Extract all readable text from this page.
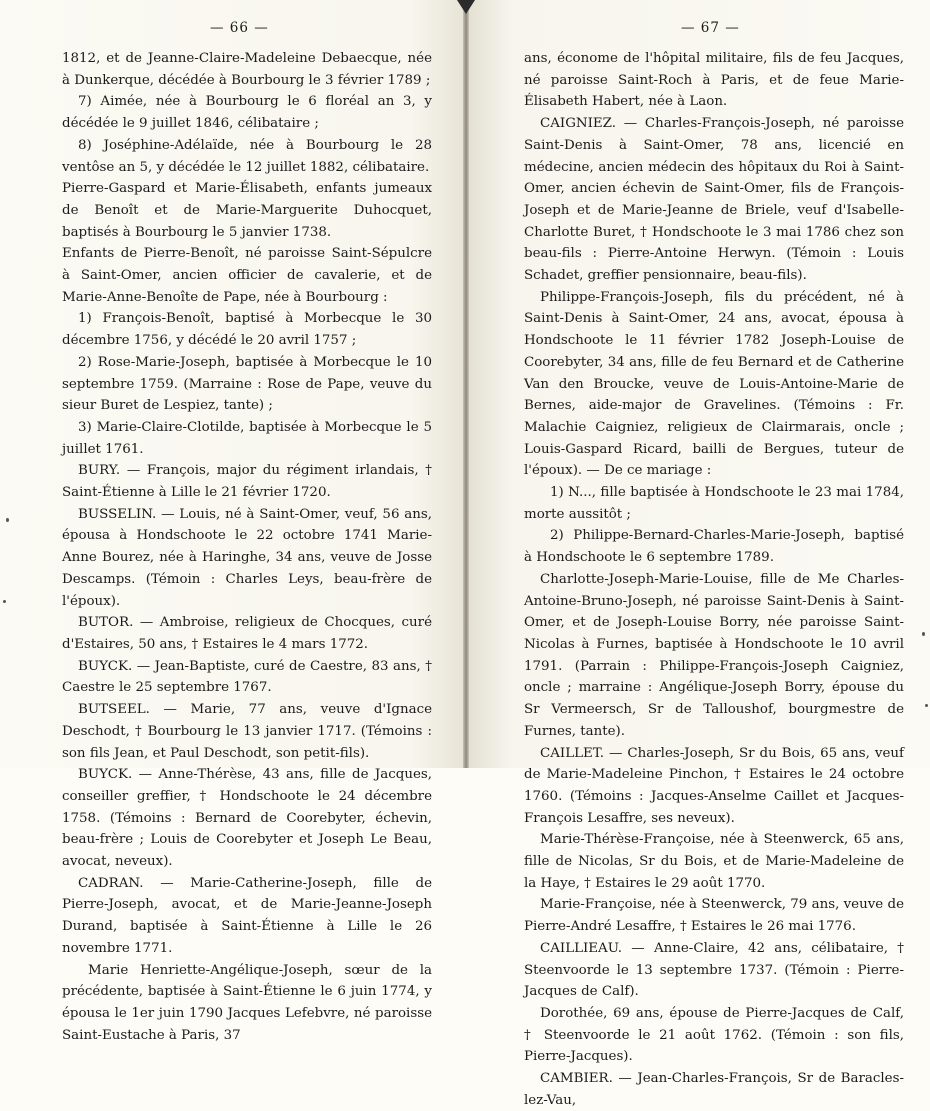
— 66 —

1812, et de Jeanne-Claire-Madeleine Debaecque, née à Dunkerque, décédée à Bourbourg le 3 février 1789 ;

7) Aimée, née à Bourbourg le 6 floréal an 3, y décédée le 9 juillet 1846, célibataire ;

8) Joséphine-Adélaïde, née à Bourbourg le 28 ventôse an 5, y décédée le 12 juillet 1882, célibataire.

Pierre-Gaspard et Marie-Élisabeth, enfants jumeaux de Benoît et de Marie-Marguerite Duhocquet, baptisés à Bourbourg le 5 janvier 1738.

Enfants de Pierre-Benoît, né paroisse Saint-Sépulcre à Saint-Omer, ancien officier de cavalerie, et de Marie-Anne-Benoîte de Pape, née à Bourbourg :

1) François-Benoît, baptisé à Morbecque le 30 décembre 1756, y décédé le 20 avril 1757 ;

2) Rose-Marie-Joseph, baptisée à Morbecque le 10 septembre 1759. (Marraine : Rose de Pape, veuve du sieur Buret de Lespiez, tante) ;

3) Marie-Claire-Clotilde, baptisée à Morbecque le 5 juillet 1761.

BURY. — François, major du régiment irlandais, † Saint-Étienne à Lille le 21 février 1720.

BUSSELIN. — Louis, né à Saint-Omer, veuf, 56 ans, épousa à Hondschoote le 22 octobre 1741 Marie-Anne Bourez, née à Haringhe, 34 ans, veuve de Josse Descamps. (Témoin : Charles Leys, beau-frère de l'époux).

BUTOR. — Ambroise, religieux de Chocques, curé d'Estaires, 50 ans, † Estaires le 4 mars 1772.

BUYCK. — Jean-Baptiste, curé de Caestre, 83 ans, † Caestre le 25 septembre 1767.

BUTSEEL. — Marie, 77 ans, veuve d'Ignace Deschodt, † Bourbourg le 13 janvier 1717. (Témoins : son fils Jean, et Paul Deschodt, son petit-fils).

BUYCK. — Anne-Thérèse, 43 ans, fille de Jacques, conseiller greffier, † Hondschoote le 24 décembre 1758. (Témoins : Bernard de Coorebyter, échevin, beau-frère ; Louis de Coorebyter et Joseph Le Beau, avocat, neveux).

CADRAN. — Marie-Catherine-Joseph, fille de Pierre-Joseph, avocat, et de Marie-Jeanne-Joseph Durand, baptisée à Saint-Étienne à Lille le 26 novembre 1771.

Marie Henriette-Angélique-Joseph, sœur de la précédente, baptisée à Saint-Étienne le 6 juin 1774, y épousa le 1er juin 1790 Jacques Lefebvre, né paroisse Saint-Eustache à Paris, 37

— 67 —

ans, économe de l'hôpital militaire, fils de feu Jacques, né paroisse Saint-Roch à Paris, et de feue Marie-Élisabeth Habert, née à Laon.

CAIGNIEZ. — Charles-François-Joseph, né paroisse Saint-Denis à Saint-Omer, 78 ans, licencié en médecine, ancien médecin des hôpitaux du Roi à Saint-Omer, ancien échevin de Saint-Omer, fils de François-Joseph et de Marie-Jeanne de Briele, veuf d'Isabelle-Charlotte Buret, † Hondschoote le 3 mai 1786 chez son beau-fils : Pierre-Antoine Herwyn. (Témoin : Louis Schadet, greffier pensionnaire, beau-fils).

Philippe-François-Joseph, fils du précédent, né à Saint-Denis à Saint-Omer, 24 ans, avocat, épousa à Hondschoote le 11 février 1782 Joseph-Louise de Coorebyter, 34 ans, fille de feu Bernard et de Catherine Van den Broucke, veuve de Louis-Antoine-Marie de Bernes, aide-major de Gravelines. (Témoins : Fr. Malachie Caigniez, religieux de Clairmarais, oncle ; Louis-Gaspard Ricard, bailli de Bergues, tuteur de l'époux). — De ce mariage :

1) N..., fille baptisée à Hondschoote le 23 mai 1784, morte aussitôt ;

2) Philippe-Bernard-Charles-Marie-Joseph, baptisé à Hondschoote le 6 septembre 1789.

Charlotte-Joseph-Marie-Louise, fille de Me Charles-Antoine-Bruno-Joseph, né paroisse Saint-Denis à Saint-Omer, et de Joseph-Louise Borry, née paroisse Saint-Nicolas à Furnes, baptisée à Hondschoote le 10 avril 1791. (Parrain : Philippe-François-Joseph Caigniez, oncle ; marraine : Angélique-Joseph Borry, épouse du Sr Vermeersch, Sr de Talloushof, bourgmestre de Furnes, tante).

CAILLET. — Charles-Joseph, Sr du Bois, 65 ans, veuf de Marie-Madeleine Pinchon, † Estaires le 24 octobre 1760. (Témoins : Jacques-Anselme Caillet et Jacques-François Lesaffre, ses neveux).

Marie-Thérèse-Françoise, née à Steenwerck, 65 ans, fille de Nicolas, Sr du Bois, et de Marie-Madeleine de la Haye, † Estaires le 29 août 1770.

Marie-Françoise, née à Steenwerck, 79 ans, veuve de Pierre-André Lesaffre, † Estaires le 26 mai 1776.

CAILLIEAU. — Anne-Claire, 42 ans, célibataire, † Steenvoorde le 13 septembre 1737. (Témoin : Pierre-Jacques de Calf).

Dorothée, 69 ans, épouse de Pierre-Jacques de Calf, † Steenvoorde le 21 août 1762. (Témoin : son fils, Pierre-Jacques).

CAMBIER. — Jean-Charles-François, Sr de Baracles-lez-Vau,
